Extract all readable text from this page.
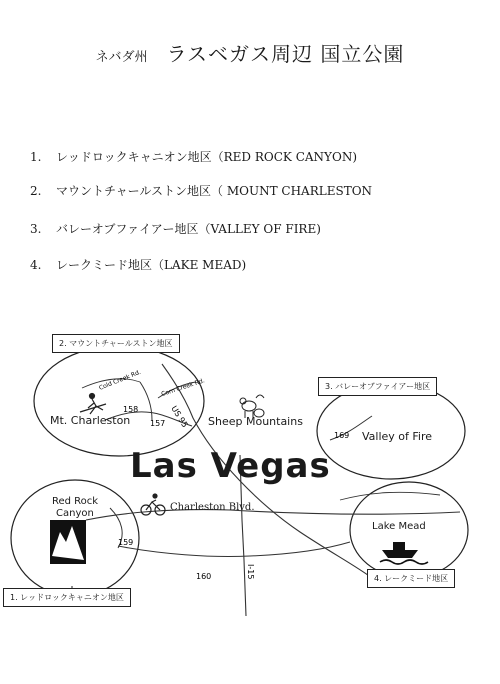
ネバダ州 ラスベガス周辺 国立公園
1. レッドロックキャニオン地区（RED ROCK CANYON)
2. マウントチャールストン地区（ MOUNT CHARLESTON
3. バレーオブファイアー地区（VALLEY OF FIRE)
4. レークミード地区（LAKE MEAD)
158
157 US 95
169
159
160	I-15
Cold Creek Rd.	Corn Creek Rd.
Mt. Charleston	Sheep Mountains
Valley of Fire
Las Vegas
Red Rock
Canyon
Charleston Blvd.
Lake Mead
2. マウントチャールストン地区
3. バレーオブファイアー地区
4. レークミード地区
1. レッドロックキャニオン地区
